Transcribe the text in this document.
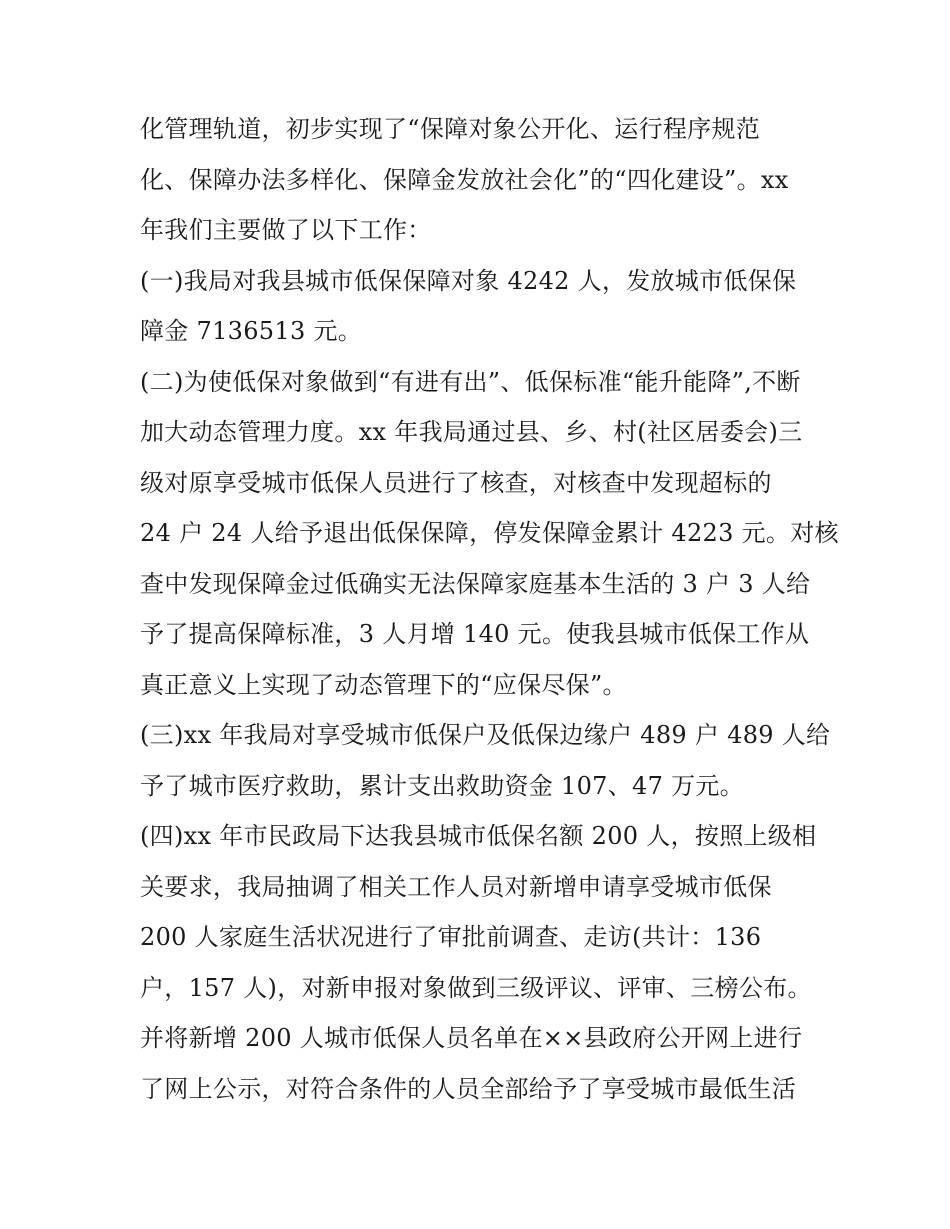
化管理轨道，初步实现了“保障对象公开化、运行程序规范
化、保障办法多样化、保障金发放社会化”的“四化建设”。xx
年我们主要做了以下工作：
(一)我局对我县城市低保保障对象 4242 人，发放城市低保保
障金 7136513 元。
(二)为使低保对象做到“有进有出”、低保标准“能升能降”,不断
加大动态管理力度。xx 年我局通过县、乡、村(社区居委会)三
级对原享受城市低保人员进行了核查，对核查中发现超标的
24 户 24 人给予退出低保保障，停发保障金累计 4223 元。对核
查中发现保障金过低确实无法保障家庭基本生活的 3 户 3 人给
予了提高保障标准，3 人月增 140 元。使我县城市低保工作从
真正意义上实现了动态管理下的“应保尽保”。
(三)xx 年我局对享受城市低保户及低保边缘户 489 户 489 人给
予了城市医疗救助，累计支出救助资金 107、47 万元。
(四)xx 年市民政局下达我县城市低保名额 200 人，按照上级相
关要求，我局抽调了相关工作人员对新增申请享受城市低保
200 人家庭生活状况进行了审批前调查、走访(共计：136
户，157 人)，对新申报对象做到三级评议、评审、三榜公布。
并将新增 200 人城市低保人员名单在××县政府公开网上进行
了网上公示，对符合条件的人员全部给予了享受城市最低生活
